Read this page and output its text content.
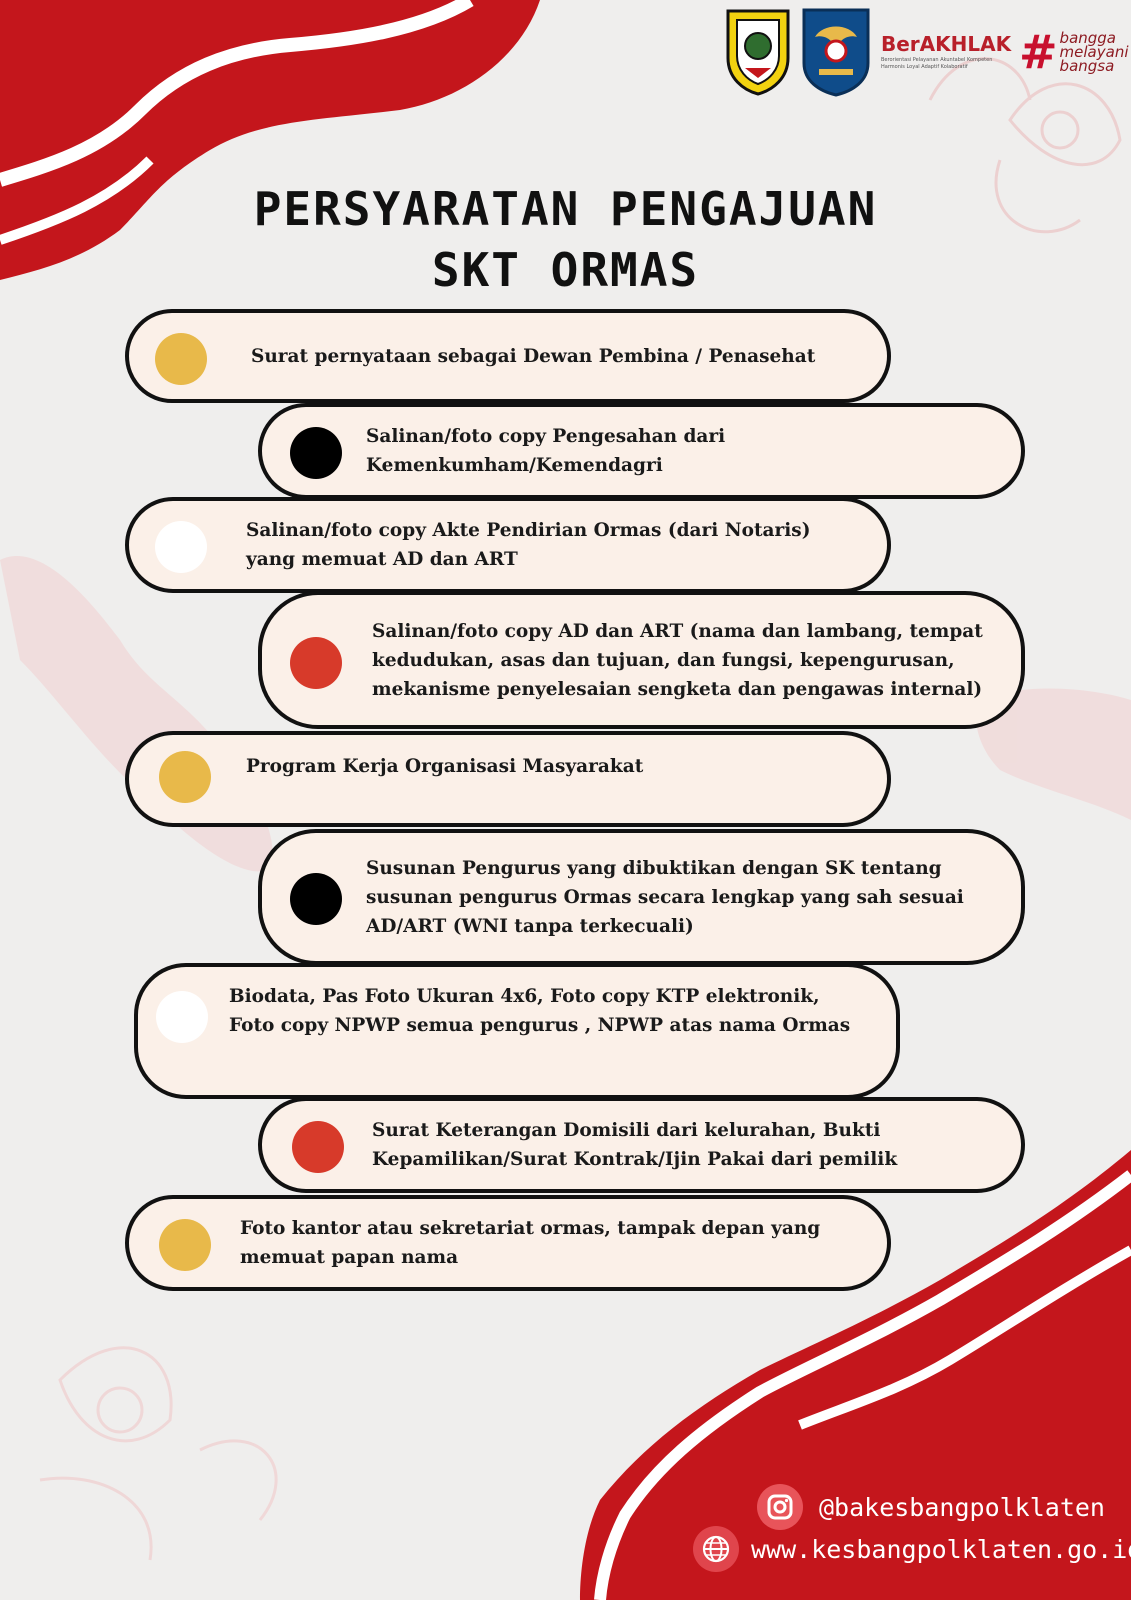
BerAKHLAK
Berorientasi Pelayanan Akuntabel Kompeten
Harmonis Loyal Adaptif Kolaboratif	# bangga
melayani
bangsa
PERSYARATAN PENGAJUAN
SKT ORMAS
Surat pernyataan sebagai Dewan Pembina / Penasehat
Salinan/foto copy Pengesahan dari
Kemenkumham/Kemendagri
Salinan/foto copy Akte Pendirian Ormas (dari Notaris)
yang memuat AD dan ART
Salinan/foto copy AD dan ART (nama dan lambang, tempat
kedudukan, asas dan tujuan, dan fungsi, kepengurusan,
mekanisme penyelesaian sengketa dan pengawas internal)
Program Kerja Organisasi Masyarakat
Susunan Pengurus yang dibuktikan dengan SK tentang
susunan pengurus Ormas secara lengkap yang sah sesuai
AD/ART (WNI tanpa terkecuali)
Biodata, Pas Foto Ukuran 4x6, Foto copy KTP elektronik,
Foto copy NPWP semua pengurus , NPWP atas nama Ormas
Surat Keterangan Domisili dari kelurahan, Bukti
Kepamilikan/Surat Kontrak/Ijin Pakai dari pemilik
Foto kantor atau sekretariat ormas, tampak depan yang
memuat papan nama
@bakesbangpolklaten
www.kesbangpolklaten.go.id
